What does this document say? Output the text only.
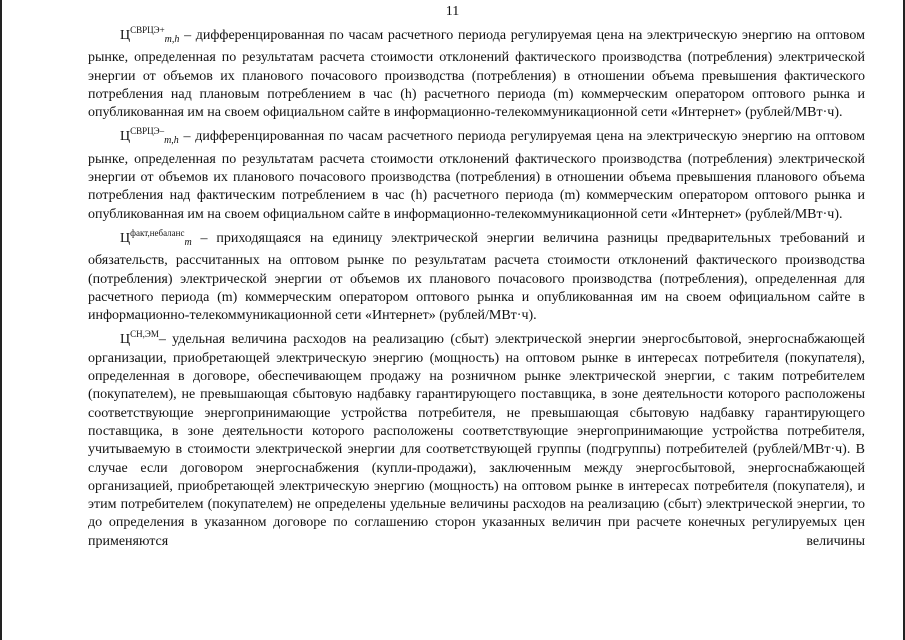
11

$Ц^{СВРЦЭ+}_{m,h}$ – дифференцированная по часам расчетного периода регулируемая цена на электрическую энергию на оптовом рынке, определенная по результатам расчета стоимости отклонений фактического производства (потребления) электрической энергии от объемов их планового почасового производства (потребления) в отношении объема превышения фактического потребления над плановым потреблением в час (h) расчетного периода (m) коммерческим оператором оптового рынка и опубликованная им на своем официальном сайте в информационно-телекоммуникационной сети «Интернет» (рублей/МВт·ч).

$Ц^{СВРЦЭ-}_{m,h}$ – дифференцированная по часам расчетного периода регулируемая цена на электрическую энергию на оптовом рынке, определенная по результатам расчета стоимости отклонений фактического производства (потребления) электрической энергии от объемов их планового почасового производства (потребления) в отношении объема превышения планового объема потребления над фактическим потреблением в час (h) расчетного периода (m) коммерческим оператором оптового рынка и опубликованная им на своем официальном сайте в информационно-телекоммуникационной сети «Интернет» (рублей/МВт·ч).

$Ц^{факт,небаланс}_m$ – приходящаяся на единицу электрической энергии величина разницы предварительных требований и обязательств, рассчитанных на оптовом рынке по результатам расчета стоимости отклонений фактического производства (потребления) электрической энергии от объемов их планового почасового производства (потребления), определенная для расчетного периода (m) коммерческим оператором оптового рынка и опубликованная им на своем официальном сайте в информационно-телекоммуникационной сети «Интернет» (рублей/МВт·ч).

$Ц^{СН,ЭМ}-$ удельная величина расходов на реализацию (сбыт) электрической энергии энергосбытовой, энергоснабжающей организации, приобретающей электрическую энергию (мощность) на оптовом рынке в интересах потребителя (покупателя), определенная в договоре, обеспечивающем продажу на розничном рынке электрической энергии, с таким потребителем (покупателем), не превышающая сбытовую надбавку гарантирующего поставщика, в зоне деятельности которого расположены соответствующие энергопринимающие устройства потребителя, не превышающая сбытовую надбавку гарантирующего поставщика, в зоне деятельности которого расположены соответствующие энергопринимающие устройства потребителя, учитываемую в стоимости электрической энергии для соответствующей группы (подгруппы) потребителей (рублей/МВт·ч). В случае если договором энергоснабжения (купли-продажи), заключенным между энергосбытовой, энергоснабжающей организацией, приобретающей электрическую энергию (мощность) на оптовом рынке в интересах потребителя (покупателя), и этим потребителем (покупателем) не определены удельные величины расходов на реализацию (сбыт) электрической энергии, то до определения в указанном договоре по соглашению сторон указанных величин при расчете конечных регулируемых цен применяются величины
